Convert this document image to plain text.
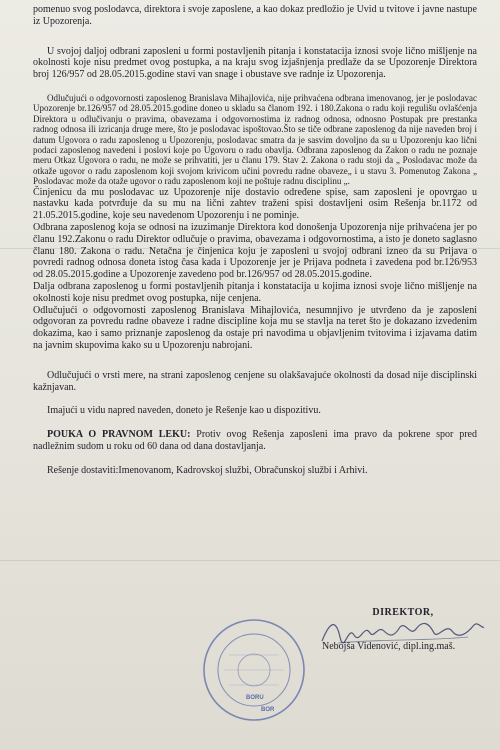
pomenuo svog poslodavca, direktora i svoje zaposlene, a kao dokaz predložio je Uvid u tvitove i javne nastupe iz Upozorenja.

U svojoj daljoj odbrani zaposleni u formi postavljenih pitanja i konstatacija iznosi svoje lično mišljenje na okolnosti koje nisu predmet ovog postupka, a na kraju svog izjašnjenja predlaže da se Upozorenje Direktora broj 126/957 od 28.05.2015.godine stavi van snage i obustave sve radnje iz Upozorenja.

Odlučujući o odgovornosti zaposlenog Branislava Mihajlovića, nije prihvaćena odbrana imenovanog, jer je poslodavac Upozorenje br.126/957 od 28.05.2015.godine doneo u skladu sa članom 192. i 180.Zakona o radu koji regulišu ovlašćenja Direktora u odlučivanju o pravima, obavezama i odgovornostima iz radnog odnosa, odnosno Postupak pre prestanka radnog odnosa ili izricanja druge mere, što je poslodavac ispoštovao.Što se tiče odbrane zaposlenog da nije naveden broj i datum Ugovora o radu zaposlenog u Upozorenju, poslodavac smatra da je sasvim dovoljno da su u Upozorenju kao lični podaci zaposlenog navedeni i poslovi koje po Ugovoru o radu obavlja. Odbrana zaposlenog da Zakon o radu ne poznaje meru Otkaz Ugovora o radu, ne može se prihvatiti, jer u članu 179. Stav 2. Zakona o radu stoji da „ Poslodavac može da otkaže ugovor o radu zaposlenom koji svojom krivicom učini povredu radne obaveze„ i u stavu 3. Pomenutog Zakona „ Poslodavac može da otaže ugovor o radu zaposlenom koji ne poštuje radnu disciplinu „.

Činjenicu da mu poslodavac uz Upozorenje nije dostavio određene spise, sam zaposleni je opovrgao u nastavku kada potvrđuje da su mu na lični zahtev traženi spisi dostavljeni osim Rešenja br.1172 od 21.05.2015.godine, koje seu navedenom Upozorenju i ne pominje.

Odbrana zaposlenog koja se odnosi na izuzimanje Direktora kod donošenja Upozorenja nije prihvaćena jer po članu 192.Zakonu o radu Direktor odlučuje o pravima, obavezama i odgovornostima, a isto je doneto saglasno članu 180. Zakona o radu. Netačna je činjenica koju je zaposleni u svojoj odbrani izneo da su Prijava o povredi radnog odnosa doneta istog časa kada i Upozorenje jer je Prijava podneta i zavedena pod br.126/953 od 28.05.2015.godine a Upozorenje zavedeno pod br.126/957 od 28.05.2015.godine.

Dalja odbrana zaposlenog u formi postavljenih pitanja i konstatacija u kojima iznosi svoje lično mišljenje na okolnosti koje nisu predmet ovog postupka, nije cenjena.

Odlučujući o odgovornosti zaposlenog Branislava Mihajlovića, nesumnjivo je utvrđeno da je zaposleni odgovoran za povredu radne obaveze i radne discipline koja mu se stavlja na teret što je dokazano izvedenim dokazima, kao i samo priznanje zaposlenog da ostaje pri navodima u objavljenim tvitovima i izjavama datim na javnim skupovima kako su u Upozorenju nabrojani.

Odlučujući o vrsti mere, na strani zaposlenog cenjene su olakšavajuće okolnosti da dosad nije disciplinski kažnjavan.

Imajući u vidu napred naveden, doneto je Rešenje kao u dispozitivu.

POUKA O PRAVNOM LEKU: Protiv ovog Rešenja zaposleni ima pravo da pokrene spor pred nadležnim sudom u roku od 60 dana od dana dostavljanja.

Rešenje dostaviti:Imenovanom, Kadrovskoj službi, Obračunskoj službi i Arhivi.

BORU
BOR
DIREKTOR,
Nebojša Videnović, dipl.ing.maš.
